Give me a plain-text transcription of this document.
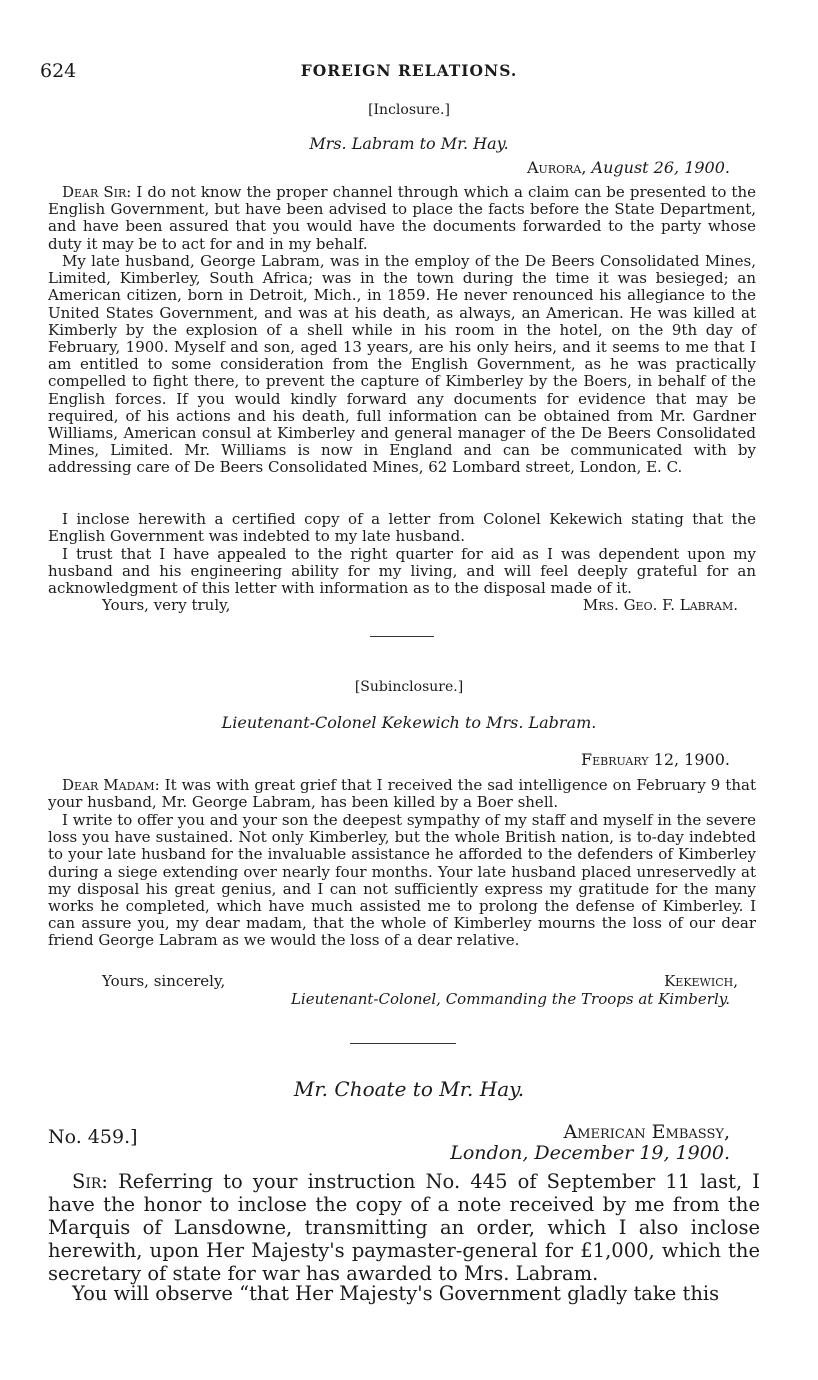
624	FOREIGN RELATIONS.
[Inclosure.]
Mrs. Labram to Mr. Hay.
Aurora, August 26, 1900.
Dear Sir: I do not know the proper channel through which a claim can be presented to the English Government, but have been advised to place the facts before the State Department, and have been assured that you would have the documents forwarded to the party whose duty it may be to act for and in my behalf.
My late husband, George Labram, was in the employ of the De Beers Consolidated Mines, Limited, Kimberley, South Africa; was in the town during the time it was besieged; an American citizen, born in Detroit, Mich., in 1859. He never renounced his allegiance to the United States Government, and was at his death, as always, an American. He was killed at Kimberly by the explosion of a shell while in his room in the hotel, on the 9th day of February, 1900. Myself and son, aged 13 years, are his only heirs, and it seems to me that I am entitled to some consideration from the English Government, as he was practically compelled to fight there, to prevent the capture of Kimberley by the Boers, in behalf of the English forces. If you would kindly forward any documents for evidence that may be required, of his actions and his death, full information can be obtained from Mr. Gardner Williams, American consul at Kimberley and general manager of the De Beers Consolidated Mines, Limited. Mr. Williams is now in England and can be communicated with by addressing care of De Beers Consolidated Mines, 62 Lombard street, London, E. C.
I inclose herewith a certified copy of a letter from Colonel Kekewich stating that the English Government was indebted to my late husband.
I trust that I have appealed to the right quarter for aid as I was dependent upon my husband and his engineering ability for my living, and will feel deeply grateful for an acknowledgment of this letter with information as to the disposal made of it.
Yours, very truly,	Mrs. Geo. F. Labram.
[Subinclosure.]
Lieutenant-Colonel Kekewich to Mrs. Labram.
February 12, 1900.
Dear Madam: It was with great grief that I received the sad intelligence on February 9 that your husband, Mr. George Labram, has been killed by a Boer shell.
I write to offer you and your son the deepest sympathy of my staff and myself in the severe loss you have sustained. Not only Kimberley, but the whole British nation, is to-day indebted to your late husband for the invaluable assistance he afforded to the defenders of Kimberley during a siege extending over nearly four months. Your late husband placed unreservedly at my disposal his great genius, and I can not sufficiently express my gratitude for the many works he completed, which have much assisted me to prolong the defense of Kimberley. I can assure you, my dear madam, that the whole of Kimberley mourns the loss of our dear friend George Labram as we would the loss of a dear relative.
Yours, sincerely,	Kekewich,
Lieutenant-Colonel, Commanding the Troops at Kimberly.
Mr. Choate to Mr. Hay.
No. 459.]	American Embassy,
London, December 19, 1900.
Sir: Referring to your instruction No. 445 of September 11 last, I have the honor to inclose the copy of a note received by me from the Marquis of Lansdowne, transmitting an order, which I also inclose herewith, upon Her Majesty's paymaster-general for £1,000, which the secretary of state for war has awarded to Mrs. Labram.
You will observe “that Her Majesty's Government gladly take this
